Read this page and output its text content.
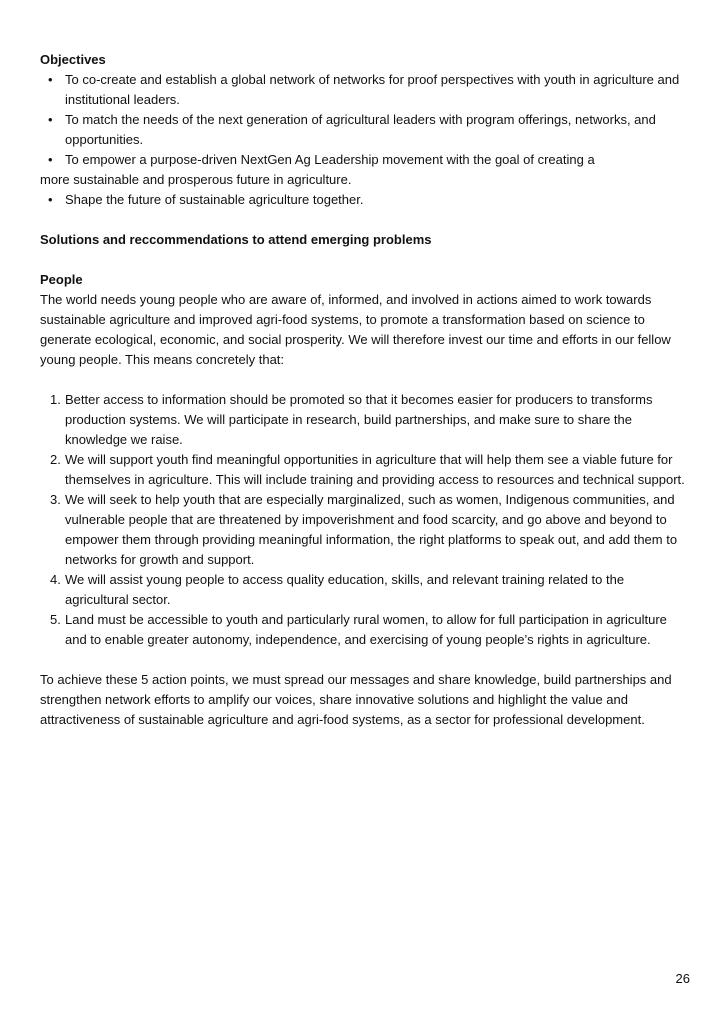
Objectives
• To co-create and establish a global network of networks for proof perspectives with youth in agriculture and institutional leaders.
• To match the needs of the next generation of agricultural leaders with program offerings, networks, and opportunities.
• To empower a purpose-driven NextGen Ag Leadership movement with the goal of creating a

more sustainable and prosperous future in agriculture.

• Shape the future of sustainable agriculture together.
Solutions and reccommendations to attend emerging problems
People

The world needs young people who are aware of, informed, and involved in actions aimed to work towards sustainable agriculture and improved agri-food systems, to promote a transformation based on science to generate ecological, economic, and social prosperity. We will therefore invest our time and efforts in our fellow young people. This means concretely that:

1. Better access to information should be promoted so that it becomes easier for producers to transforms production systems. We will participate in research, build partnerships, and make sure to share the knowledge we raise.
2. We will support youth find meaningful opportunities in agriculture that will help them see a viable future for themselves in agriculture. This will include training and providing access to resources and technical support.
3. We will seek to help youth that are especially marginalized, such as women, Indigenous communities, and vulnerable people that are threatened by impoverishment and food scarcity, and go above and beyond to empower them through providing meaningful information, the right platforms to speak out, and add them to networks for growth and support.
4. We will assist young people to access quality education, skills, and relevant training related to the agricultural sector.
5. Land must be accessible to youth and particularly rural women, to allow for full participation in agriculture and to enable greater autonomy, independence, and exercising of young people’s rights in agriculture.

To achieve these 5 action points, we must spread our messages and share knowledge, build partnerships and strengthen network efforts to amplify our voices, share innovative solutions and highlight the value and attractiveness of sustainable agriculture and agri-food systems, as a sector for professional development.

26
